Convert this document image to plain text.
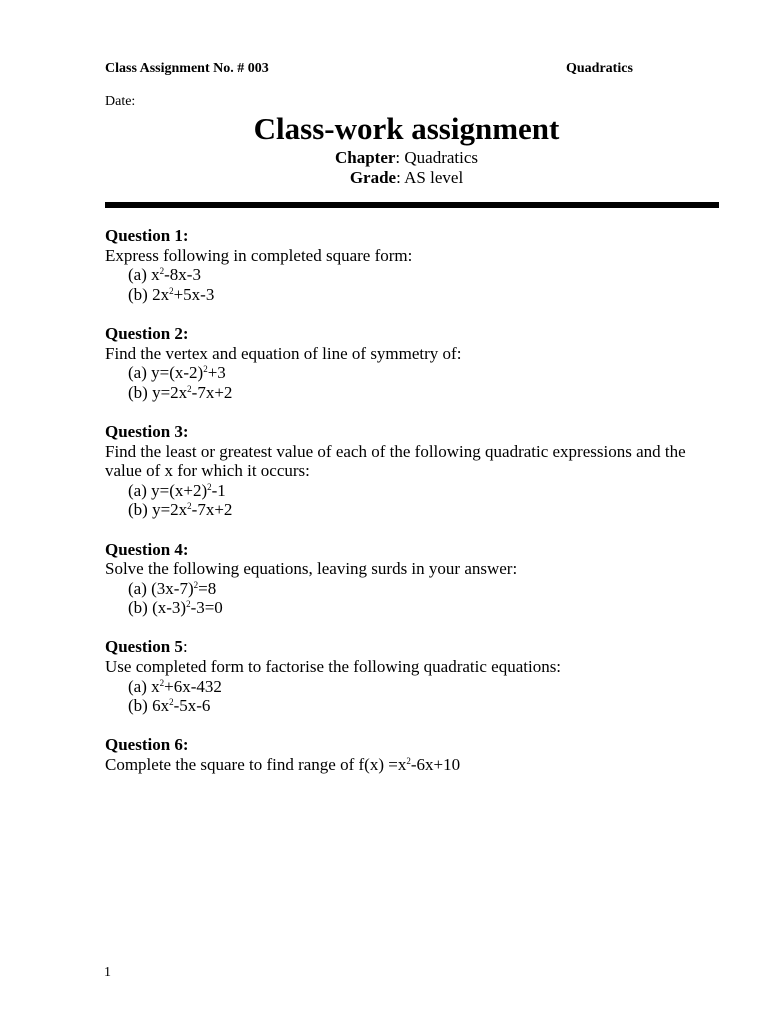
Class Assignment No. # 003	Quadratics
Date:
Class-work assignment
Chapter: Quadratics
Grade: AS level
Question 1:
Express following in completed square form:
(a) $x^2-8x-3$
(b) $2x^2+5x-3$
Question 2:
Find the vertex and equation of line of symmetry of:
(a) $y=(x-2)^2+3$
(b) $y=2x^2-7x+2$
Question 3:
Find the least or greatest value of each of the following quadratic expressions and the value of x for which it occurs:
(a) $y=(x+2)^2-1$
(b) $y=2x^2-7x+2$
Question 4:
Solve the following equations, leaving surds in your answer:
(a) $(3x-7)^2=8$
(b) $(x-3)^2-3=0$
Question 5:
Use completed form to factorise the following quadratic equations:
(a) $x^2+6x-432$
(b) $6x^2-5x-6$
Question 6:
Complete the square to find range of $f(x) =x^2-6x+10$
1
